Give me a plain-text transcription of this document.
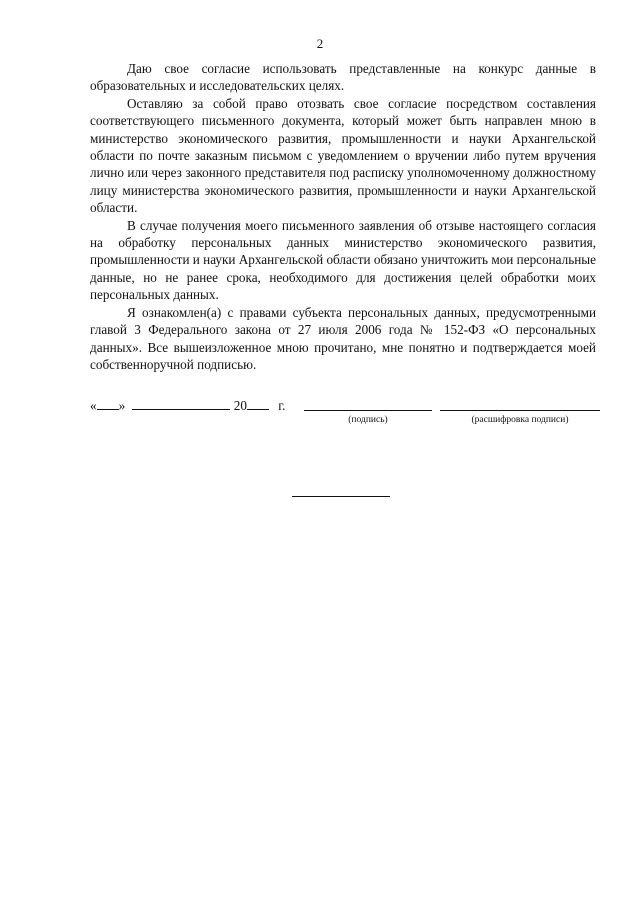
2

Даю свое согласие использовать представленные на конкурс данные в образовательных и исследовательских целях.

Оставляю за собой право отозвать свое согласие посредством составления соответствующего письменного документа, который может быть направлен мною в министерство экономического развития, промышленности и науки Архангельской области по почте заказным письмом с уведомлением о вручении либо путем вручения лично или через законного представителя под расписку уполномоченному должностному лицу министерства экономического развития, промышленности и науки Архангельской области.

В случае получения моего письменного заявления об отзыве настоящего согласия на обработку персональных данных министерство экономического развития, промышленности и науки Архангельской области обязано уничтожить мои персональные данные, но не ранее срока, необходимого для достижения целей обработки моих персональных данных.

Я ознакомлен(а) с правами субъекта персональных данных, предусмотренными главой 3 Федерального закона от 27 июля 2006 года № 152-ФЗ «О персональных данных». Все вышеизложенное мною прочитано, мне понятно и подтверждается моей собственноручной подписью.

« »	20 г.
(подпись)	(расшифровка подписи)
